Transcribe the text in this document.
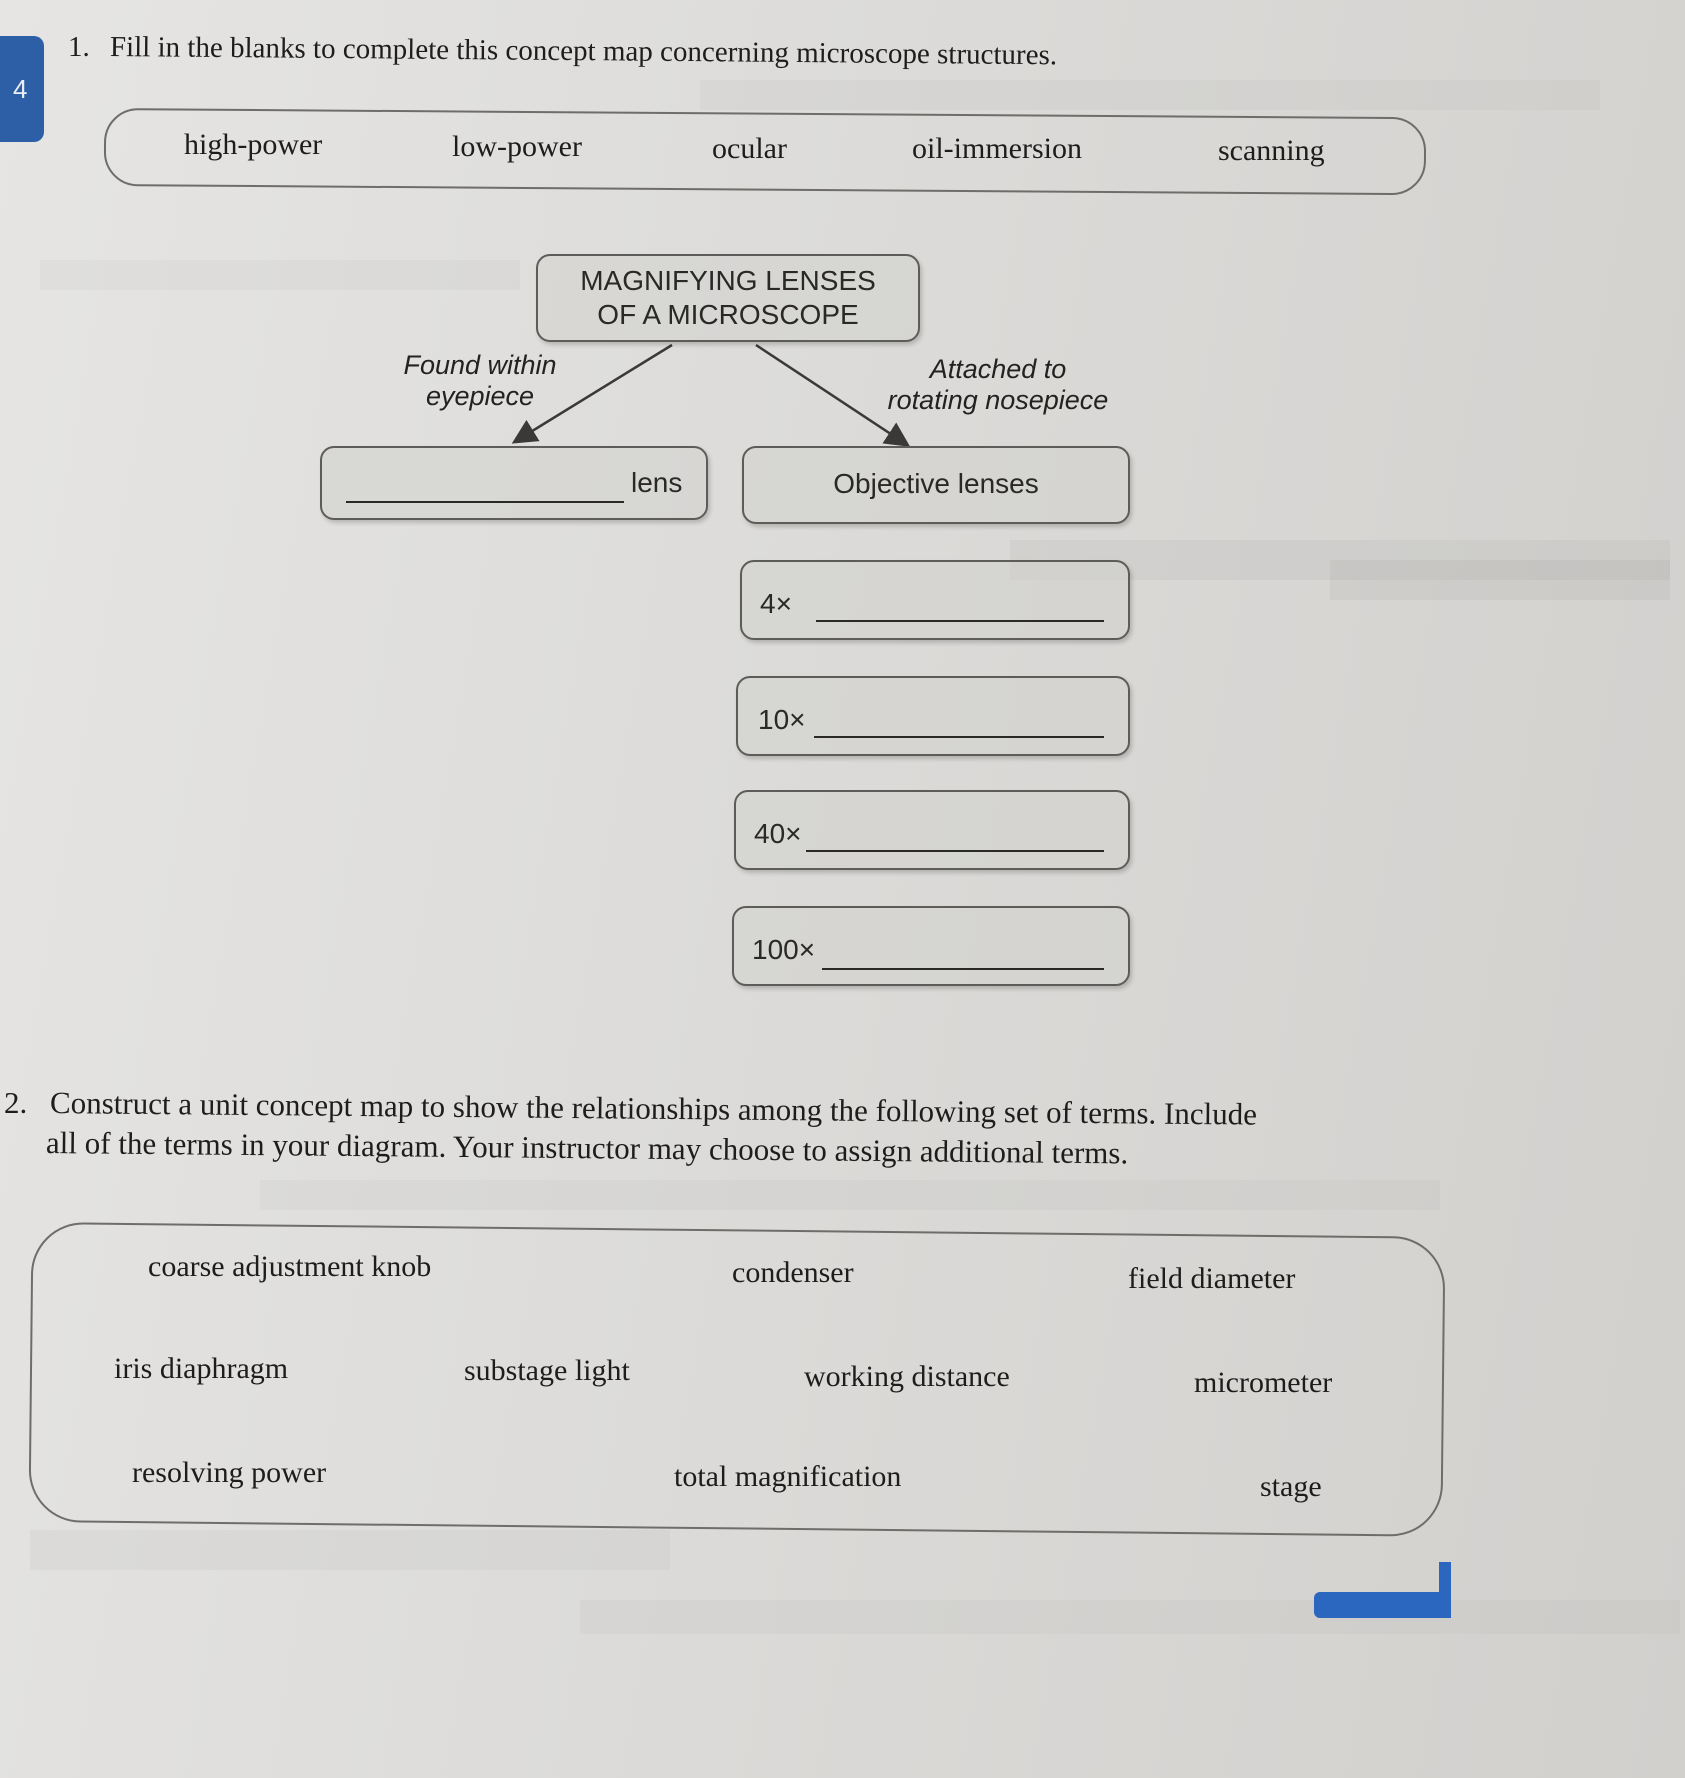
4
1. Fill in the blanks to complete this concept map concerning microscope structures.
high-power	low-power	ocular	oil-immersion	scanning
MAGNIFYING LENSES
OF A MICROSCOPE
Found within
eyepiece
Attached to
rotating nosepiece
lens	Objective lenses
4×
10×
40×
100×
2. Construct a unit concept map to show the relationships among the following set of terms. Include
all of the terms in your diagram. Your instructor may choose to assign additional terms.
coarse adjustment knob	condenser	field diameter
iris diaphragm	substage light	working distance	micrometer
resolving power	total magnification	stage
